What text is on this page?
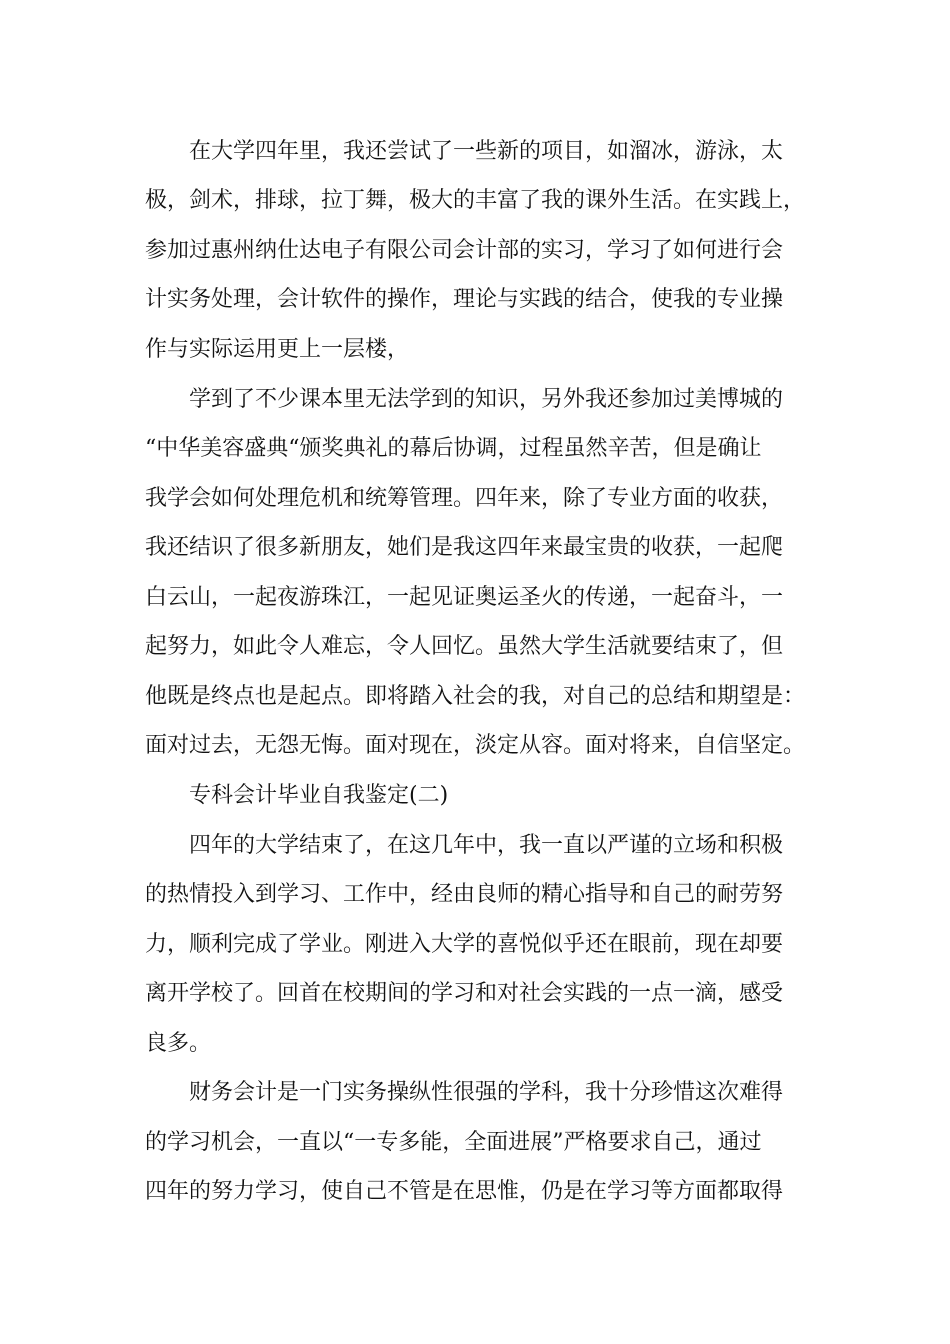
在大学四年里，我还尝试了一些新的项目，如溜冰，游泳，太
极，剑术，排球，拉丁舞，极大的丰富了我的课外生活。在实践上，
参加过惠州纳仕达电子有限公司会计部的实习，学习了如何进行会
计实务处理，会计软件的操作，理论与实践的结合，使我的专业操
作与实际运用更上一层楼，
学到了不少课本里无法学到的知识，另外我还参加过美博城的
“中华美容盛典“颁奖典礼的幕后协调，过程虽然辛苦，但是确让
我学会如何处理危机和统筹管理。四年来，除了专业方面的收获，
我还结识了很多新朋友，她们是我这四年来最宝贵的收获，一起爬
白云山，一起夜游珠江，一起见证奥运圣火的传递，一起奋斗，一
起努力，如此令人难忘，令人回忆。虽然大学生活就要结束了，但
他既是终点也是起点。即将踏入社会的我，对自己的总结和期望是：
面对过去，无怨无悔。面对现在，淡定从容。面对将来，自信坚定。
专科会计毕业自我鉴定(二)
四年的大学结束了，在这几年中，我一直以严谨的立场和积极
的热情投入到学习、工作中，经由良师的精心指导和自己的耐劳努
力，顺利完成了学业。刚进入大学的喜悦似乎还在眼前，现在却要
离开学校了。回首在校期间的学习和对社会实践的一点一滴，感受
良多。
财务会计是一门实务操纵性很强的学科，我十分珍惜这次难得
的学习机会，一直以“一专多能，全面进展”严格要求自己，通过
四年的努力学习，使自己不管是在思惟，仍是在学习等方面都取得
